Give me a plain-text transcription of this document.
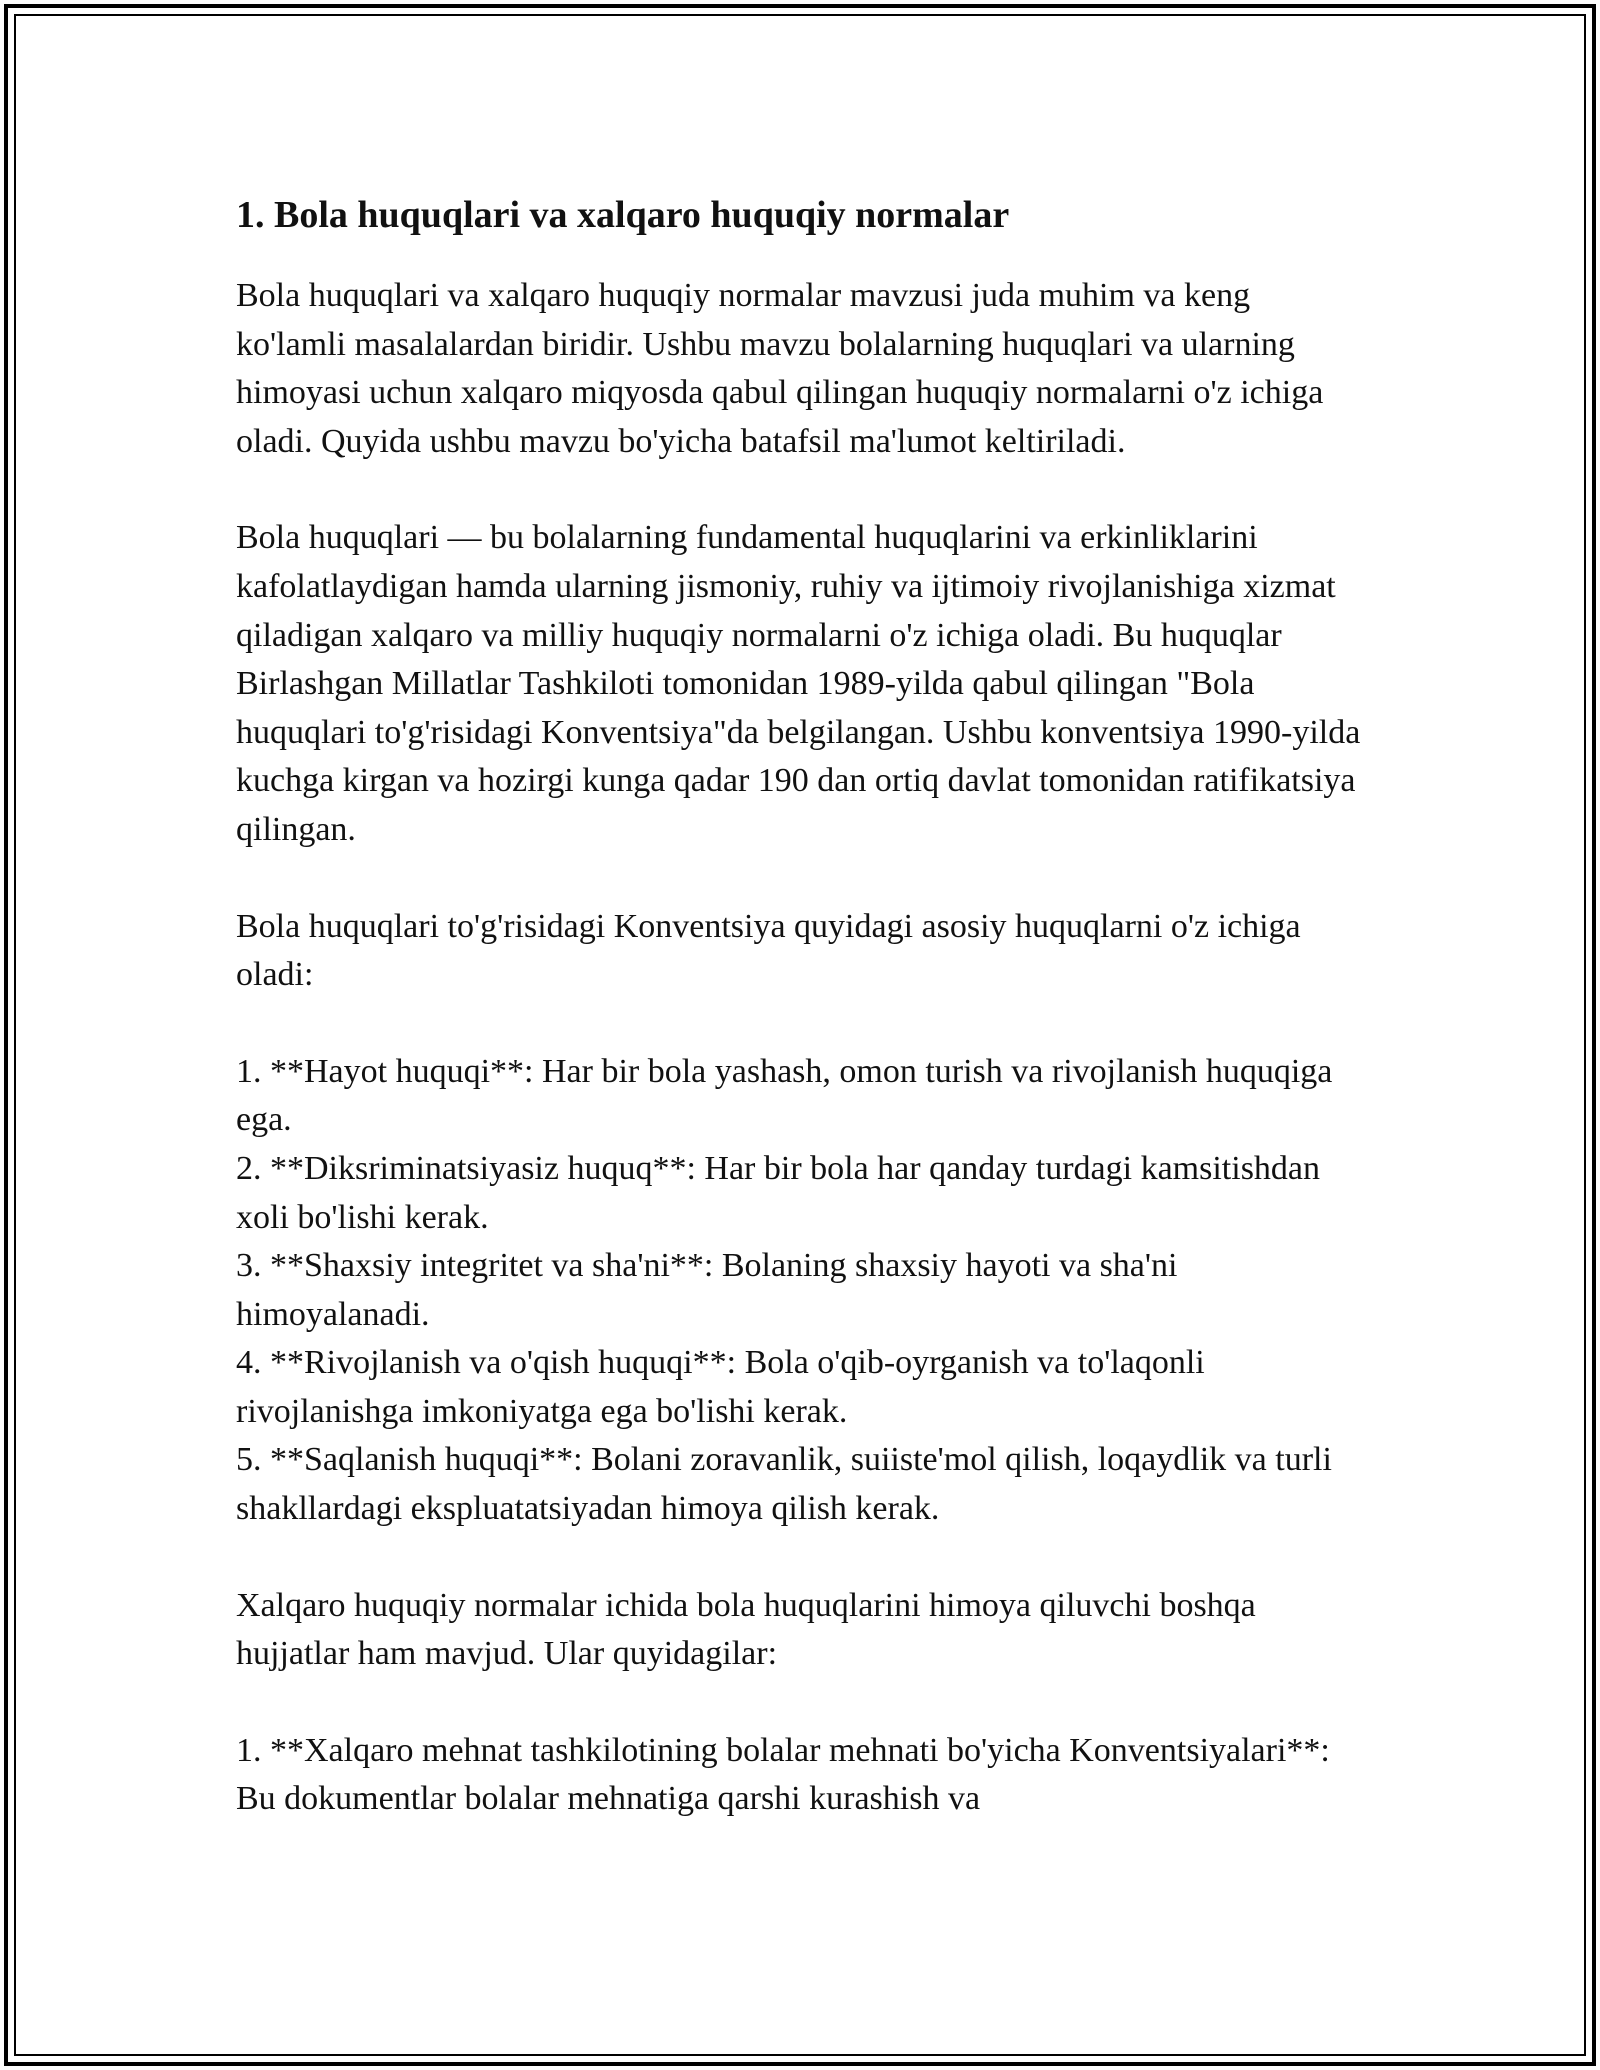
1. Bola huquqlari va xalqaro huquqiy normalar

Bola huquqlari va xalqaro huquqiy normalar mavzusi juda muhim va keng ko'lamli masalalardan biridir. Ushbu mavzu bolalarning huquqlari va ularning himoyasi uchun xalqaro miqyosda qabul qilingan huquqiy normalarni o'z ichiga oladi. Quyida ushbu mavzu bo'yicha batafsil ma'lumot keltiriladi.

Bola huquqlari — bu bolalarning fundamental huquqlarini va erkinliklarini kafolatlaydigan hamda ularning jismoniy, ruhiy va ijtimoiy rivojlanishiga xizmat qiladigan xalqaro va milliy huquqiy normalarni o'z ichiga oladi. Bu huquqlar Birlashgan Millatlar Tashkiloti tomonidan 1989-yilda qabul qilingan "Bola huquqlari to'g'risidagi Konventsiya"da belgilangan. Ushbu konventsiya 1990-yilda kuchga kirgan va hozirgi kunga qadar 190 dan ortiq davlat tomonidan ratifikatsiya qilingan.

Bola huquqlari to'g'risidagi Konventsiya quyidagi asosiy huquqlarni o'z ichiga oladi:

1. **Hayot huquqi**: Har bir bola yashash, omon turish va rivojlanish huquqiga ega.

2. **Diksriminatsiyasiz huquq**: Har bir bola har qanday turdagi kamsitishdan xoli bo'lishi kerak.

3. **Shaxsiy integritet va sha'ni**: Bolaning shaxsiy hayoti va sha'ni himoyalanadi.

4. **Rivojlanish va o'qish huquqi**: Bola o'qib-oyrganish va to'laqonli rivojlanishga imkoniyatga ega bo'lishi kerak.

5. **Saqlanish huquqi**: Bolani zoravanlik, suiiste'mol qilish, loqaydlik va turli shakllardagi ekspluatatsiyadan himoya qilish kerak.

Xalqaro huquqiy normalar ichida bola huquqlarini himoya qiluvchi boshqa hujjatlar ham mavjud. Ular quyidagilar:

1. **Xalqaro mehnat tashkilotining bolalar mehnati bo'yicha Konventsiyalari**: Bu dokumentlar bolalar mehnatiga qarshi kurashish va
